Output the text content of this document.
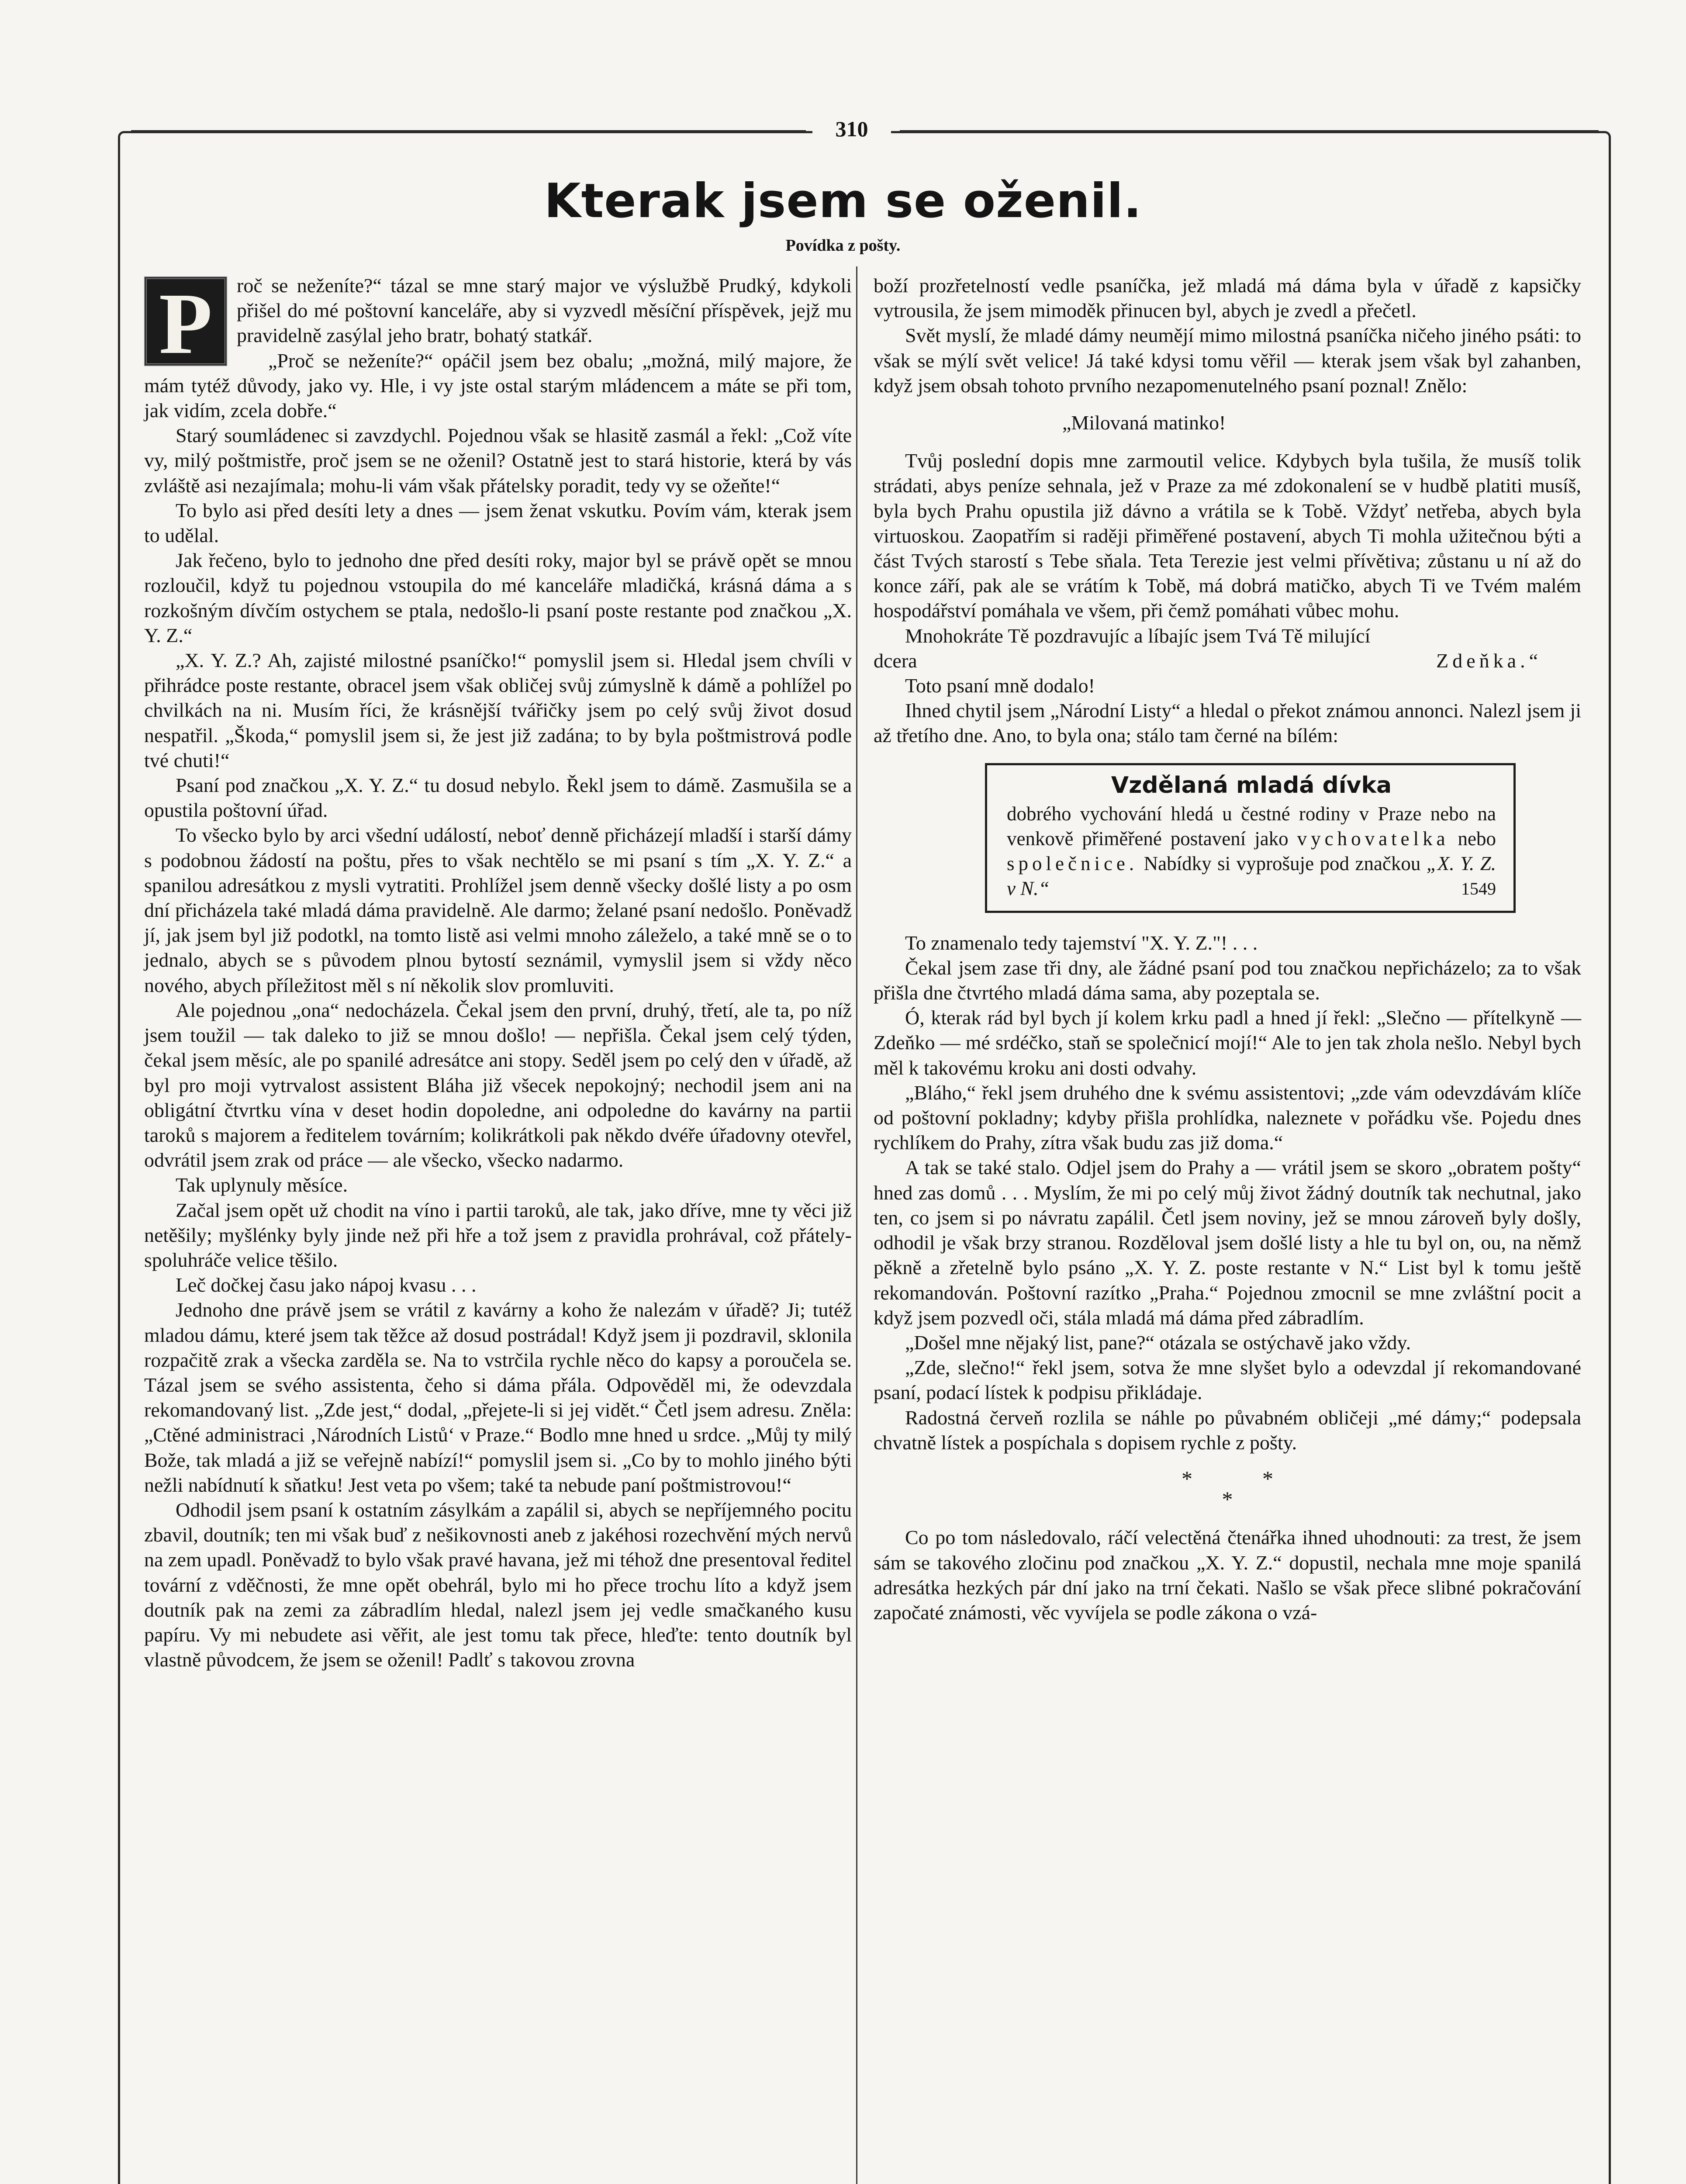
310
Kterak jsem se oženil.
Povídka z pošty.

P	roč se neženíte?“ tázal se mne starý major ve výslužbě Prudký, kdykoli přišel do mé poštovní kanceláře, aby si vyzvedl měsíční příspěvek, jejž mu pravidelně zasýlal jeho bratr, bohatý statkář.

„Proč se neženíte?“ opáčil jsem bez obalu; „možná, milý majore, že mám tytéž důvody, jako vy. Hle, i vy jste ostal starým mládencem a máte se při tom, jak vidím, zcela dobře.“

Starý soumládenec si zavzdychl. Pojednou však se hlasitě zasmál a řekl: „Což víte vy, milý poštmistře, proč jsem se ne oženil? Ostatně jest to stará historie, která by vás zvláště asi nezajímala; mohu-li vám však přátelsky poradit, tedy vy se ožeňte!“

To bylo asi před desíti lety a dnes — jsem ženat vskutku. Povím vám, kterak jsem to udělal.

Jak řečeno, bylo to jednoho dne před desíti roky, major byl se právě opět se mnou rozloučil, když tu pojednou vstoupila do mé kanceláře mladičká, krásná dáma a s rozkošným dívčím ostychem se ptala, nedošlo-li psaní poste restante pod značkou „X. Y. Z.“

„X. Y. Z.? Ah, zajisté milostné psaníčko!“ pomyslil jsem si. Hledal jsem chvíli v přihrádce poste restante, obracel jsem však obličej svůj zúmyslně k dámě a pohlížel po chvilkách na ni. Musím říci, že krásnější tvářičky jsem po celý svůj život dosud nespatřil. „Škoda,“ pomyslil jsem si, že jest již zadána; to by byla poštmistrová podle tvé chuti!“

Psaní pod značkou „X. Y. Z.“ tu dosud nebylo. Řekl jsem to dámě. Zasmušila se a opustila poštovní úřad.

To všecko bylo by arci všední událostí, neboť denně přicházejí mladší i starší dámy s podobnou žádostí na poštu, přes to však nechtělo se mi psaní s tím „X. Y. Z.“ a spanilou adresátkou z mysli vytratiti. Prohlížel jsem denně všecky došlé listy a po osm dní přicházela také mladá dáma pravidelně. Ale darmo; želané psaní nedošlo. Poněvadž jí, jak jsem byl již podotkl, na tomto listě asi velmi mnoho záleželo, a také mně se o to jednalo, abych se s původem plnou bytostí seznámil, vymyslil jsem si vždy něco nového, abych příležitost měl s ní několik slov promluviti.

Ale pojednou „ona“ nedocházela. Čekal jsem den první, druhý, třetí, ale ta, po níž jsem toužil — tak daleko to již se mnou došlo! — nepřišla. Čekal jsem celý týden, čekal jsem měsíc, ale po spanilé adresátce ani stopy. Seděl jsem po celý den v úřadě, až byl pro moji vytrvalost assistent Bláha již všecek nepokojný; nechodil jsem ani na obligátní čtvrtku vína v deset hodin dopoledne, ani odpoledne do kavárny na partii taroků s majorem a ředitelem továrním; kolikrátkoli pak někdo dvéře úřadovny otevřel, odvrátil jsem zrak od práce — ale všecko, všecko nadarmo.

Tak uplynuly měsíce.

Začal jsem opět už chodit na víno i partii taroků, ale tak, jako dříve, mne ty věci již netěšily; myšlénky byly jinde než při hře a tož jsem z pravidla prohrával, což přátely-spoluhráče velice těšilo.

Leč dočkej času jako nápoj kvasu . . .

Jednoho dne právě jsem se vrátil z kavárny a koho že nalezám v úřadě? Ji; tutéž mladou dámu, které jsem tak těžce až dosud postrádal! Když jsem ji pozdravil, sklonila rozpačitě zrak a všecka zarděla se. Na to vstrčila rychle něco do kapsy a poroučela se. Tázal jsem se svého assistenta, čeho si dáma přála. Odpověděl mi, že odevzdala rekomandovaný list. „Zde jest,“ dodal, „přejete-li si jej vidět.“ Četl jsem adresu. Zněla: „Ctěné administraci ‚Národních Listů‘ v Praze.“ Bodlo mne hned u srdce. „Můj ty milý Bože, tak mladá a již se veřejně nabízí!“ pomyslil jsem si. „Co by to mohlo jiného býti nežli nabídnutí k sňatku! Jest veta po všem; také ta nebude paní poštmistrovou!“

Odhodil jsem psaní k ostatním zásylkám a zapálil si, abych se nepříjemného pocitu zbavil, doutník; ten mi však buď z nešikovnosti aneb z jakéhosi rozechvění mých nervů na zem upadl. Poněvadž to bylo však pravé havana, jež mi téhož dne presentoval ředitel tovární z vděčnosti, že mne opět obehrál, bylo mi ho přece trochu líto a když jsem doutník pak na zemi za zábradlím hledal, nalezl jsem jej vedle smačkaného kusu papíru. Vy mi nebudete asi věřit, ale jest tomu tak přece, hleďte: tento doutník byl vlastně původcem, že jsem se oženil! Padlť s takovou zrovna

boží prozřetelností vedle psaníčka, jež mladá má dáma byla v úřadě z kapsičky vytrousila, že jsem mimoděk přinucen byl, abych je zvedl a přečetl.

Svět myslí, že mladé dámy neumějí mimo milostná psaníčka ničeho jiného psáti: to však se mýlí svět velice! Já také kdysi tomu věřil — kterak jsem však byl zahanben, když jsem obsah tohoto prvního nezapomenutelného psaní poznal! Znělo:

„Milovaná matinko!

Tvůj poslední dopis mne zarmoutil velice. Kdybych byla tušila, že musíš tolik strádati, abys peníze sehnala, jež v Praze za mé zdokonalení se v hudbě platiti musíš, byla bych Prahu opustila již dávno a vrátila se k Tobě. Vždyť netřeba, abych byla virtuoskou. Zaopatřím si raději přiměřené postavení, abych Ti mohla užitečnou býti a část Tvých starostí s Tebe sňala. Teta Terezie jest velmi přívětiva; zůstanu u ní až do konce září, pak ale se vrátím k Tobě, má dobrá matičko, abych Ti ve Tvém malém hospodářství pomáhala ve všem, při čemž pomáhati vůbec mohu.

Mnohokráte Tě pozdravujíc a líbajíc jsem Tvá Tě milující

dcera	Zdeňka.“

Toto psaní mně dodalo!

Ihned chytil jsem „Národní Listy“ a hledal o překot známou annonci. Nalezl jsem ji až třetího dne. Ano, to byla ona; stálo tam černé na bílém:

Vzdělaná mladá dívka
dobrého vychování hledá u čestné rodiny v Praze nebo na venkově přiměřené postavení jako vychovatelka nebo společnice. Nabídky si vyprošuje pod značkou „X. Y. Z. v N.“	1549

To znamenalo tedy tajemství "X. Y. Z."! . . .

Čekal jsem zase tři dny, ale žádné psaní pod tou značkou nepřicházelo; za to však přišla dne čtvrtého mladá dáma sama, aby pozeptala se.

Ó, kterak rád byl bych jí kolem krku padl a hned jí řekl: „Slečno — přítelkyně — Zdeňko — mé srdéčko, staň se společnicí mojí!“ Ale to jen tak zhola nešlo. Nebyl bych měl k takovému kroku ani dosti odvahy.

„Bláho,“ řekl jsem druhého dne k svému assistentovi; „zde vám odevzdávám klíče od poštovní pokladny; kdyby přišla prohlídka, naleznete v pořádku vše. Pojedu dnes rychlíkem do Prahy, zítra však budu zas již doma.“

A tak se také stalo. Odjel jsem do Prahy a — vrátil jsem se skoro „obratem pošty“ hned zas domů . . . Myslím, že mi po celý můj život žádný doutník tak nechutnal, jako ten, co jsem si po návratu zapálil. Četl jsem noviny, jež se mnou zároveň byly došly, odhodil je však brzy stranou. Rozděloval jsem došlé listy a hle tu byl on, ou, na němž pěkně a zřetelně bylo psáno „X. Y. Z. poste restante v N.“ List byl k tomu ještě rekomandován. Poštovní razítko „Praha.“ Pojednou zmocnil se mne zvláštní pocit a když jsem pozvedl oči, stála mladá má dáma před zábradlím.

„Došel mne nějaký list, pane?“ otázala se ostýchavě jako vždy.

„Zde, slečno!“ řekl jsem, sotva že mne slyšet bylo a odevzdal jí rekomandované psaní, podací lístek k podpisu přikládaje.

Radostná červeň rozlila se náhle po půvabném obličeji „mé dámy;“ podepsala chvatně lístek a pospíchala s dopisem rychle z pošty.

*	*
*

Co po tom následovalo, ráčí velectěná čtenářka ihned uhodnouti: za trest, že jsem sám se takového zločinu pod značkou „X. Y. Z.“ dopustil, nechala mne moje spanilá adresátka hezkých pár dní jako na trní čekati. Našlo se však přece slibné pokračování započaté známosti, věc vyvíjela se podle zákona o vzá-
